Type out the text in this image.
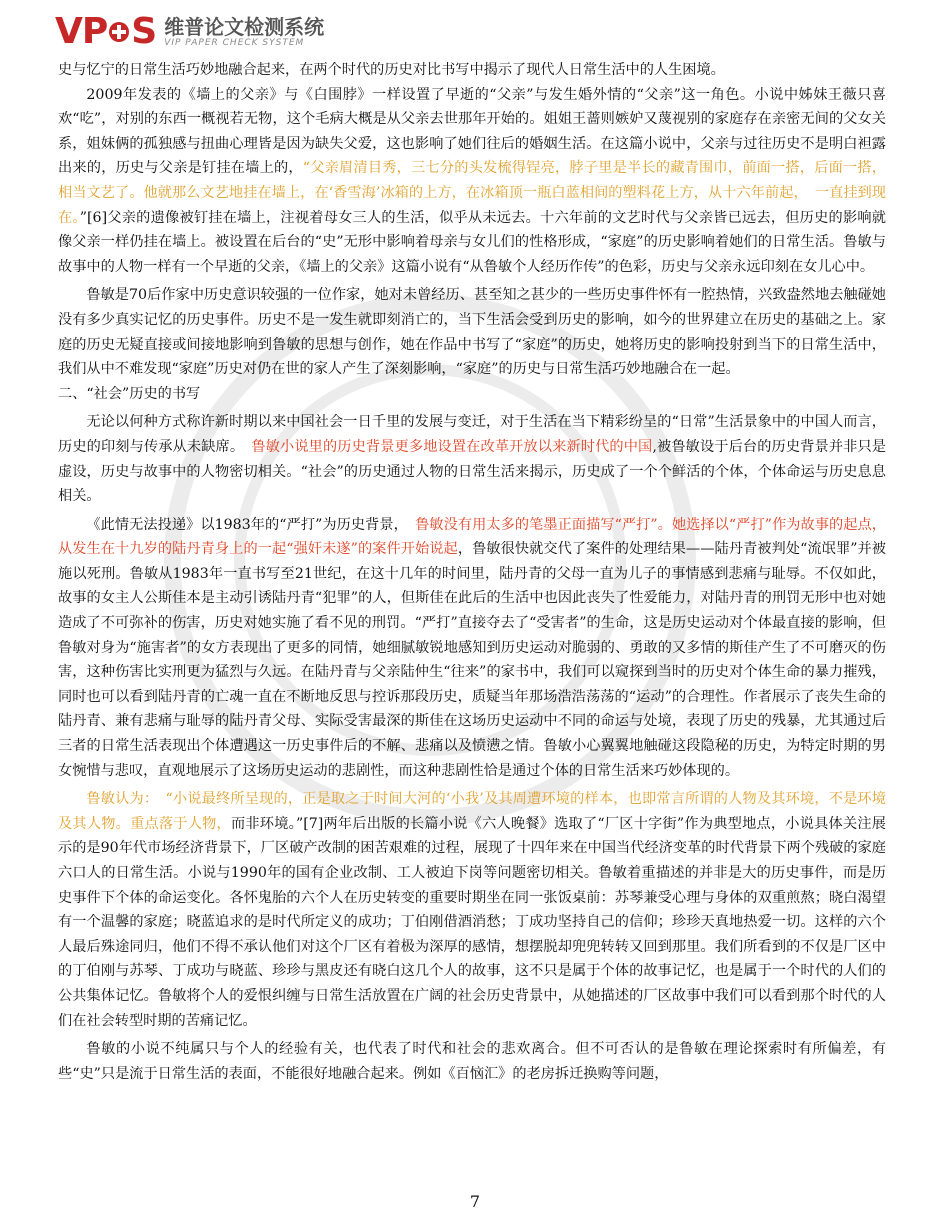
VP S 维普论文检测系统
VIP PAPER CHECK SYSTEM

史与忆宁的日常生活巧妙地融合起来，在两个时代的历史对比书写中揭示了现代人日常生活中的人生困境。

2009年发表的《墙上的父亲》与《白围脖》一样设置了早逝的“父亲”与发生婚外情的“父亲”这一角色。小说中姊妹王薇只喜欢“吃”，对别的东西一概视若无物，这个毛病大概是从父亲去世那年开始的。姐姐王蔷则嫉妒又蔑视别的家庭存在亲密无间的父女关系，姐妹俩的孤独感与扭曲心理皆是因为缺失父爱，这也影响了她们往后的婚姻生活。在这篇小说中，父亲与过往历史不是明白袒露出来的，历史与父亲是钉挂在墙上的，“父亲眉清目秀，三七分的头发梳得锃亮，脖子里是半长的藏青围巾，前面一搭，后面一搭，相当文艺了。他就那么文艺地挂在墙上，在‘香雪海’冰箱的上方，在冰箱顶一瓶白蓝相间的塑料花上方，从十六年前起，　一直挂到现在。”[6]父亲的遗像被钉挂在墙上，注视着母女三人的生活，似乎从未远去。十六年前的文艺时代与父亲皆已远去，但历史的影响就像父亲一样仍挂在墙上。被设置在后台的“史”无形中影响着母亲与女儿们的性格形成，“家庭”的历史影响着她们的日常生活。鲁敏与故事中的人物一样有一个早逝的父亲，《墙上的父亲》这篇小说有“从鲁敏个人经历作传”的色彩，历史与父亲永远印刻在女儿心中。

鲁敏是70后作家中历史意识较强的一位作家，她对未曾经历、甚至知之甚少的一些历史事件怀有一腔热情，兴致盎然地去触碰她没有多少真实记忆的历史事件。历史不是一发生就即刻消亡的，当下生活会受到历史的影响，如今的世界建立在历史的基础之上。家庭的历史无疑直接或间接地影响到鲁敏的思想与创作，她在作品中书写了“家庭”的历史，她将历史的影响投射到当下的日常生活中，我们从中不难发现“家庭”历史对仍在世的家人产生了深刻影响，“家庭”的历史与日常生活巧妙地融合在一起。

二、“社会”历史的书写

无论以何种方式称许新时期以来中国社会一日千里的发展与变迁，对于生活在当下精彩纷呈的“日常”生活景象中的中国人而言，历史的印刻与传承从未缺席。　 鲁敏小说里的历史背景更多地设置在改革开放以来新时代的中国,被鲁敏设于后台的历史背景并非只是虚设，历史与故事中的人物密切相关。“社会”的历史通过人物的日常生活来揭示，历史成了一个个鲜活的个体，个体命运与历史息息相关。

《此情无法投递》以1983年的“严打”为历史背景，　 鲁敏没有用太多的笔墨正面描写“严打”。她选择以“严打”作为故事的起点，从发生在十九岁的陆丹青身上的一起“强奸未遂”的案件开始说起，鲁敏很快就交代了案件的处理结果——陆丹青被判处“流氓罪”并被施以死刑。鲁敏从1983年一直书写至21世纪，在这十几年的时间里，陆丹青的父母一直为儿子的事情感到悲痛与耻辱。不仅如此，故事的女主人公斯佳本是主动引诱陆丹青“犯罪”的人，但斯佳在此后的生活中也因此丧失了性爱能力，对陆丹青的刑罚无形中也对她造成了不可弥补的伤害，历史对她实施了看不见的刑罚。“严打”直接夺去了“受害者”的生命，这是历史运动对个体最直接的影响，但鲁敏对身为“施害者”的女方表现出了更多的同情，她细腻敏锐地感知到历史运动对脆弱的、勇敢的又多情的斯佳产生了不可磨灭的伤害，这种伤害比实刑更为猛烈与久远。在陆丹青与父亲陆仲生“往来”的家书中，我们可以窥探到当时的历史对个体生命的暴力摧残，同时也可以看到陆丹青的亡魂一直在不断地反思与控诉那段历史，质疑当年那场浩浩荡荡的“运动”的合理性。作者展示了丧失生命的陆丹青、兼有悲痛与耻辱的陆丹青父母、实际受害最深的斯佳在这场历史运动中不同的命运与处境，表现了历史的残暴，尤其通过后三者的日常生活表现出个体遭遇这一历史事件后的不解、悲痛以及愤懑之情。鲁敏小心翼翼地触碰这段隐秘的历史，为特定时期的男女惋惜与悲叹，直观地展示了这场历史运动的悲剧性，而这种悲剧性恰是通过个体的日常生活来巧妙体现的。

鲁敏认为：　“小说最终所呈现的，正是取之于时间大河的‘小我’及其周遭环境的样本，也即常言所谓的人物及其环境，不是环境及其人物。重点落于人物，而非环境。”[7]两年后出版的长篇小说《六人晚餐》选取了“厂区十字街”作为典型地点，小说具体关注展示的是90年代市场经济背景下，厂区破产改制的困苦艰难的过程，展现了十四年来在中国当代经济变革的时代背景下两个残破的家庭六口人的日常生活。小说与1990年的国有企业改制、工人被迫下岗等问题密切相关。鲁敏着重描述的并非是大的历史事件，而是历史事件下个体的命运变化。各怀鬼胎的六个人在历史转变的重要时期坐在同一张饭桌前：苏琴兼受心理与身体的双重煎熬；晓白渴望有一个温馨的家庭；晓蓝追求的是时代所定义的成功；丁伯刚借酒消愁；丁成功坚持自己的信仰；珍珍天真地热爱一切。这样的六个人最后殊途同归，他们不得不承认他们对这个厂区有着极为深厚的感情，想摆脱却兜兜转转又回到那里。我们所看到的不仅是厂区中的丁伯刚与苏琴、丁成功与晓蓝、珍珍与黑皮还有晓白这几个人的故事，这不只是属于个体的故事记忆，也是属于一个时代的人们的公共集体记忆。鲁敏将个人的爱恨纠缠与日常生活放置在广阔的社会历史背景中，从她描述的厂区故事中我们可以看到那个时代的人们在社会转型时期的苦痛记忆。

鲁敏的小说不纯属只与个人的经验有关，也代表了时代和社会的悲欢离合。但不可否认的是鲁敏在理论探索时有所偏差，有些“史”只是流于日常生活的表面，不能很好地融合起来。例如《百恼汇》的老房拆迁换购等问题，

7
